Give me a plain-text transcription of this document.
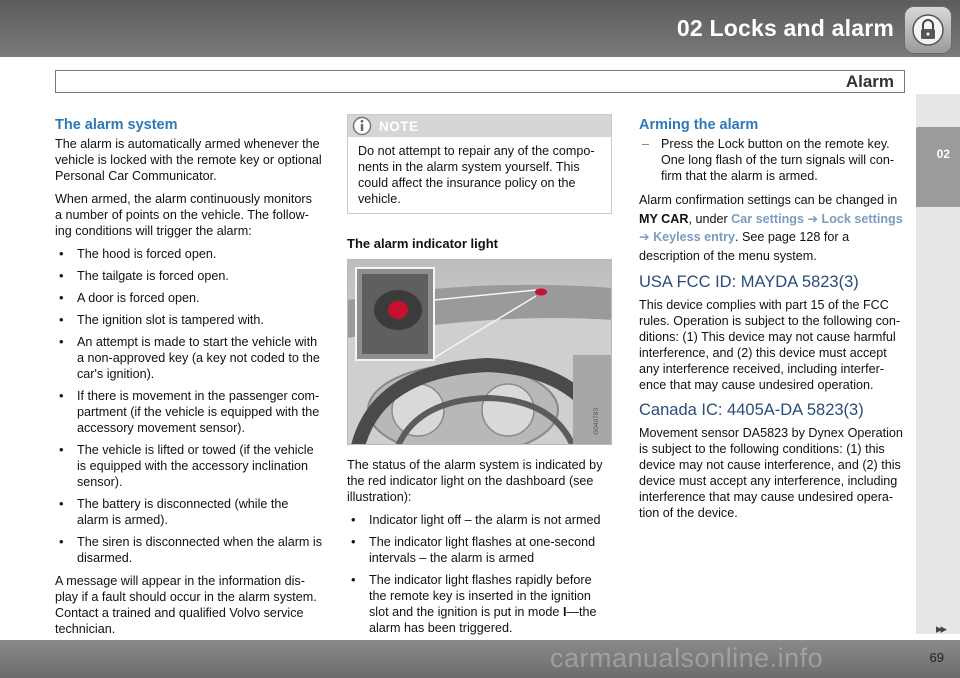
02 Locks and alarm
Alarm
02
The alarm system

The alarm is automatically armed whenever the vehicle is locked with the remote key or optional Personal Car Communicator.

When armed, the alarm continuously monitors a number of points on the vehicle. The follow-ing conditions will trigger the alarm:

• The hood is forced open.
• The tailgate is forced open.
• A door is forced open.
• The ignition slot is tampered with.
• An attempt is made to start the vehicle with a non-approved key (a key not coded to the car's ignition).
• If there is movement in the passenger com-partment (if the vehicle is equipped with the accessory movement sensor).
• The vehicle is lifted or towed (if the vehicle is equipped with the accessory inclination sensor).
• The battery is disconnected (while the alarm is armed).
• The siren is disconnected when the alarm is disarmed.

A message will appear in the information dis-play if a fault should occur in the alarm system. Contact a trained and qualified Volvo service technician.

NOTE
Do not attempt to repair any of the compo-nents in the alarm system yourself. This could affect the insurance policy on the vehicle.
The alarm indicator light
G040783

The status of the alarm system is indicated by the red indicator light on the dashboard (see illustration):

• Indicator light off – the alarm is not armed
• The indicator light flashes at one-second intervals – the alarm is armed
• The indicator light flashes rapidly before the remote key is inserted in the ignition slot and the ignition is put in mode I—the alarm has been triggered.
Arming the alarm
– Press the Lock button on the remote key. One long flash of the turn signals will con-firm that the alarm is armed.

Alarm confirmation settings can be changed in MY CAR, under Car settings ➔ Lock settings ➔ Keyless entry. See page 128 for a description of the menu system.

USA FCC ID: MAYDA 5823(3)

This device complies with part 15 of the FCC rules. Operation is subject to the following con-ditions: (1) This device may not cause harmful interference, and (2) this device must accept any interference received, including interfer-ence that may cause undesired operation.

Canada IC: 4405A-DA 5823(3)

Movement sensor DA5823 by Dynex Operation is subject to the following conditions: (1) this device may not cause interference, and (2) this device must accept any interference, including interference that may cause undesired opera-tion of the device.

carmanualsonline.info
▸▸
69
